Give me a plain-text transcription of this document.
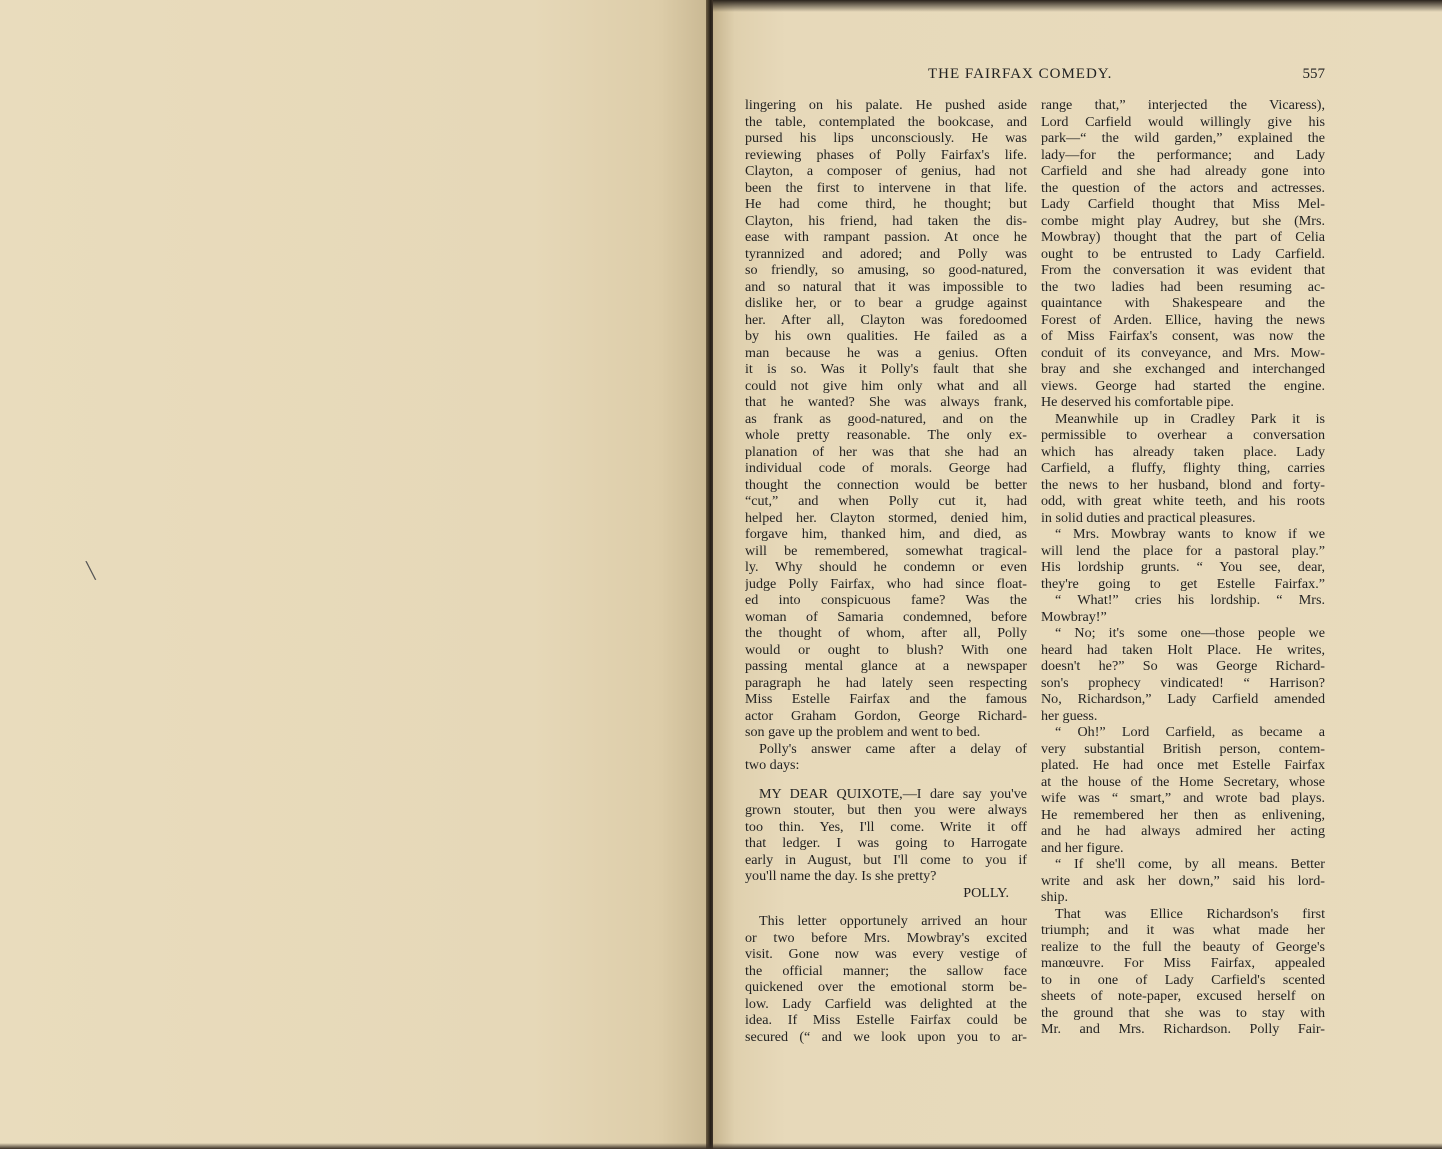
╲
THE FAIRFAX COMEDY.	557
lingering on his palate. He pushed aside
the table, contemplated the bookcase, and
pursed his lips unconsciously. He was
reviewing phases of Polly Fairfax's life.
Clayton, a composer of genius, had not
been the first to intervene in that life.
He had come third, he thought; but
Clayton, his friend, had taken the dis-
ease with rampant passion. At once he
tyrannized and adored; and Polly was
so friendly, so amusing, so good-natured,
and so natural that it was impossible to
dislike her, or to bear a grudge against
her. After all, Clayton was foredoomed
by his own qualities. He failed as a
man because he was a genius. Often
it is so. Was it Polly's fault that she
could not give him only what and all
that he wanted? She was always frank,
as frank as good-natured, and on the
whole pretty reasonable. The only ex-
planation of her was that she had an
individual code of morals. George had
thought the connection would be better
“cut,” and when Polly cut it, had
helped her. Clayton stormed, denied him,
forgave him, thanked him, and died, as
will be remembered, somewhat tragical-
ly. Why should he condemn or even
judge Polly Fairfax, who had since float-
ed into conspicuous fame? Was the
woman of Samaria condemned, before
the thought of whom, after all, Polly
would or ought to blush? With one
passing mental glance at a newspaper
paragraph he had lately seen respecting
Miss Estelle Fairfax and the famous
actor Graham Gordon, George Richard-
son gave up the problem and went to bed.
Polly's answer came after a delay of
two days:
MY DEAR QUIXOTE,—I dare say you've
grown stouter, but then you were always
too thin. Yes, I'll come. Write it off
that ledger. I was going to Harrogate
early in August, but I'll come to you if
you'll name the day. Is she pretty?
POLLY.
This letter opportunely arrived an hour
or two before Mrs. Mowbray's excited
visit. Gone now was every vestige of
the official manner; the sallow face
quickened over the emotional storm be-
low. Lady Carfield was delighted at the
idea. If Miss Estelle Fairfax could be
secured (“ and we look upon you to ar-
range that,” interjected the Vicaress),
Lord Carfield would willingly give his
park—“ the wild garden,” explained the
lady—for the performance; and Lady
Carfield and she had already gone into
the question of the actors and actresses.
Lady Carfield thought that Miss Mel-
combe might play Audrey, but she (Mrs.
Mowbray) thought that the part of Celia
ought to be entrusted to Lady Carfield.
From the conversation it was evident that
the two ladies had been resuming ac-
quaintance with Shakespeare and the
Forest of Arden. Ellice, having the news
of Miss Fairfax's consent, was now the
conduit of its conveyance, and Mrs. Mow-
bray and she exchanged and interchanged
views. George had started the engine.
He deserved his comfortable pipe.
Meanwhile up in Cradley Park it is
permissible to overhear a conversation
which has already taken place. Lady
Carfield, a fluffy, flighty thing, carries
the news to her husband, blond and forty-
odd, with great white teeth, and his roots
in solid duties and practical pleasures.
“ Mrs. Mowbray wants to know if we
will lend the place for a pastoral play.”
His lordship grunts. “ You see, dear,
they're going to get Estelle Fairfax.”
“ What!” cries his lordship. “ Mrs.
Mowbray!”
“ No; it's some one—those people we
heard had taken Holt Place. He writes,
doesn't he?” So was George Richard-
son's prophecy vindicated! “ Harrison?
No, Richardson,” Lady Carfield amended
her guess.
“ Oh!” Lord Carfield, as became a
very substantial British person, contem-
plated. He had once met Estelle Fairfax
at the house of the Home Secretary, whose
wife was “ smart,” and wrote bad plays.
He remembered her then as enlivening,
and he had always admired her acting
and her figure.
“ If she'll come, by all means. Better
write and ask her down,” said his lord-
ship.
That was Ellice Richardson's first
triumph; and it was what made her
realize to the full the beauty of George's
manœuvre. For Miss Fairfax, appealed
to in one of Lady Carfield's scented
sheets of note-paper, excused herself on
the ground that she was to stay with
Mr. and Mrs. Richardson. Polly Fair-
